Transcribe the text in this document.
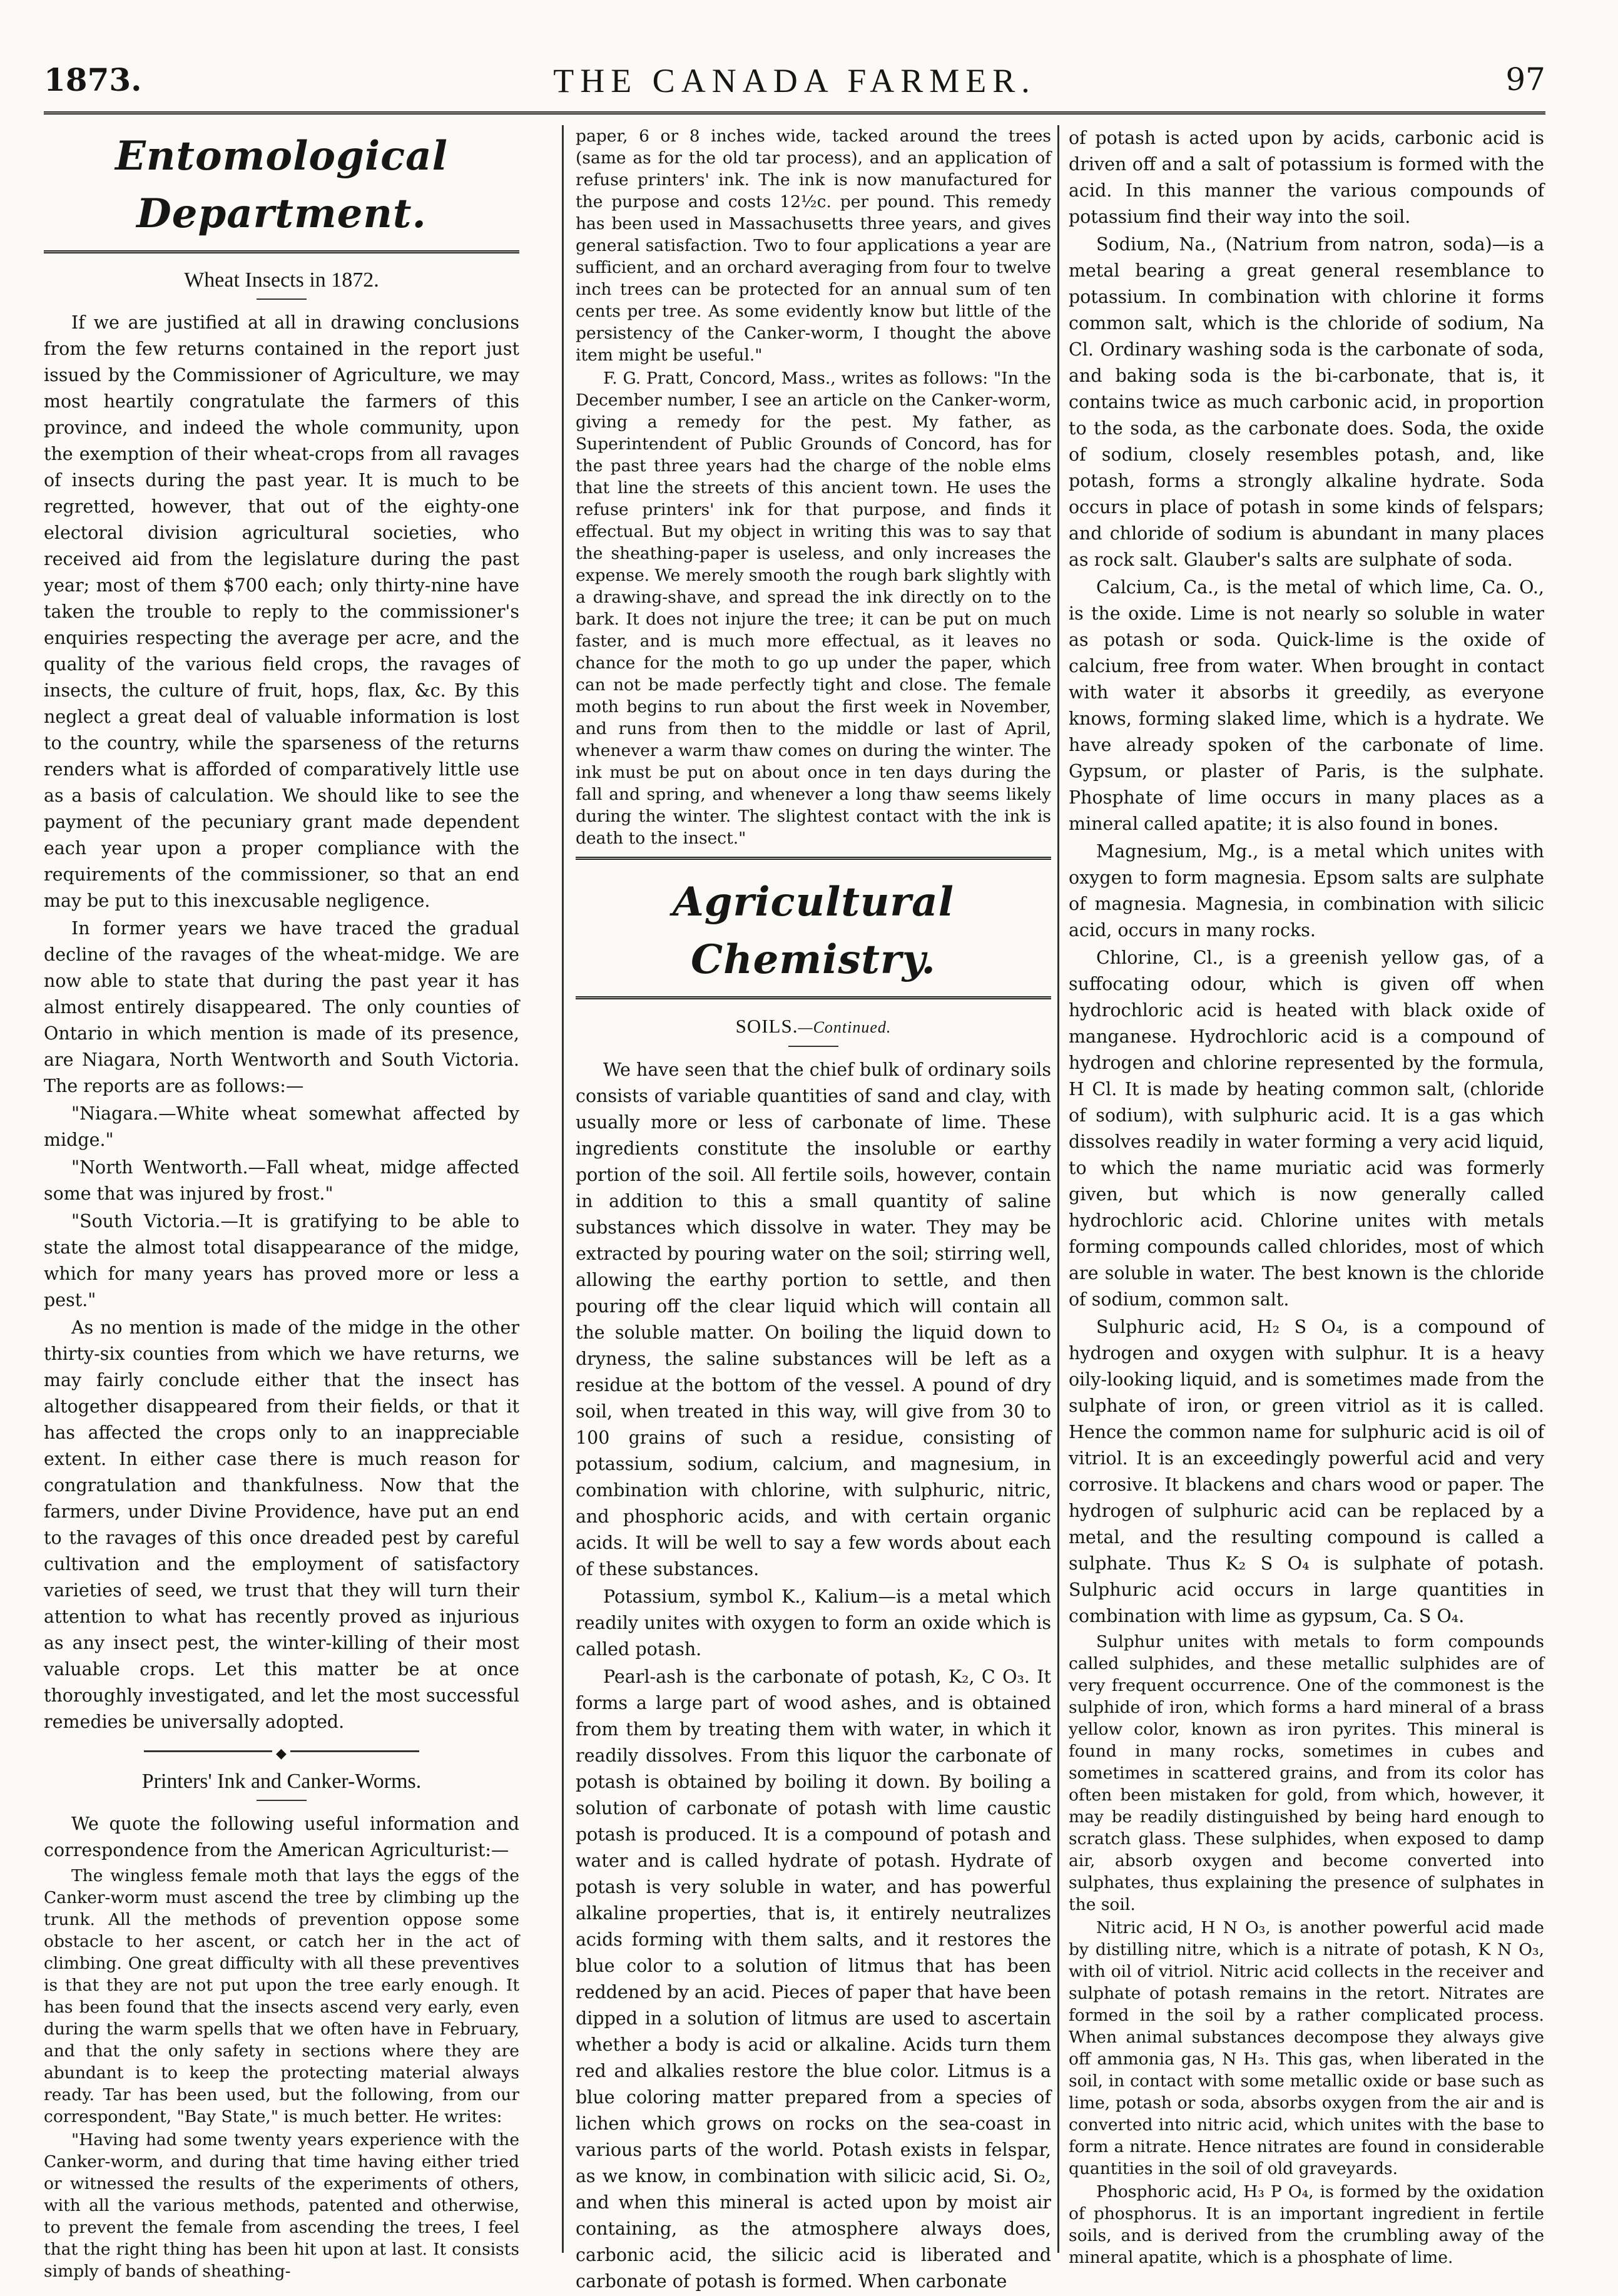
1873.	THE CANADA FARMER.	97
Entomological Department.
Wheat Insects in 1872.

If we are justified at all in drawing conclusions from the few returns contained in the report just issued by the Commissioner of Agriculture, we may most heartily congratulate the farmers of this province, and indeed the whole community, upon the exemption of their wheat-crops from all ravages of insects during the past year. It is much to be regretted, however, that out of the eighty-one electoral division agricultural societies, who received aid from the legislature during the past year; most of them $700 each; only thirty-nine have taken the trouble to reply to the commissioner's enquiries respecting the average per acre, and the quality of the various field crops, the ravages of insects, the culture of fruit, hops, flax, &c. By this neglect a great deal of valuable information is lost to the country, while the sparseness of the returns renders what is afforded of comparatively little use as a basis of calculation. We should like to see the payment of the pecuniary grant made dependent each year upon a proper compliance with the requirements of the commissioner, so that an end may be put to this inexcusable negligence.

In former years we have traced the gradual decline of the ravages of the wheat-midge. We are now able to state that during the past year it has almost entirely disappeared. The only counties of Ontario in which mention is made of its presence, are Niagara, North Wentworth and South Victoria. The reports are as follows:—

"Niagara.—White wheat somewhat affected by midge."

"North Wentworth.—Fall wheat, midge affected some that was injured by frost."

"South Victoria.—It is gratifying to be able to state the almost total disappearance of the midge, which for many years has proved more or less a pest."

As no mention is made of the midge in the other thirty-six counties from which we have returns, we may fairly conclude either that the insect has altogether disappeared from their fields, or that it has affected the crops only to an inappreciable extent. In either case there is much reason for congratulation and thankfulness. Now that the farmers, under Divine Providence, have put an end to the ravages of this once dreaded pest by careful cultivation and the employment of satisfactory varieties of seed, we trust that they will turn their attention to what has recently proved as injurious as any insect pest, the winter-killing of their most valuable crops. Let this matter be at once thoroughly investigated, and let the most successful remedies be universally adopted.

◆
Printers' Ink and Canker-Worms.

We quote the following useful information and correspondence from the American Agriculturist:—

The wingless female moth that lays the eggs of the Canker-worm must ascend the tree by climbing up the trunk. All the methods of prevention oppose some obstacle to her ascent, or catch her in the act of climbing. One great difficulty with all these preventives is that they are not put upon the tree early enough. It has been found that the insects ascend very early, even during the warm spells that we often have in February, and that the only safety in sections where they are abundant is to keep the protecting material always ready. Tar has been used, but the following, from our correspondent, "Bay State," is much better. He writes:

"Having had some twenty years experience with the Canker-worm, and during that time having either tried or witnessed the results of the experiments of others, with all the various methods, patented and otherwise, to prevent the female from ascending the trees, I feel that the right thing has been hit upon at last. It consists simply of bands of sheathing-

paper, 6 or 8 inches wide, tacked around the trees (same as for the old tar process), and an application of refuse printers' ink. The ink is now manufactured for the purpose and costs 12½c. per pound. This remedy has been used in Massachusetts three years, and gives general satisfaction. Two to four applications a year are sufficient, and an orchard averaging from four to twelve inch trees can be protected for an annual sum of ten cents per tree. As some evidently know but little of the persistency of the Canker-worm, I thought the above item might be useful."

F. G. Pratt, Concord, Mass., writes as follows: "In the December number, I see an article on the Canker-worm, giving a remedy for the pest. My father, as Superintendent of Public Grounds of Concord, has for the past three years had the charge of the noble elms that line the streets of this ancient town. He uses the refuse printers' ink for that purpose, and finds it effectual. But my object in writing this was to say that the sheathing-paper is useless, and only increases the expense. We merely smooth the rough bark slightly with a drawing-shave, and spread the ink directly on to the bark. It does not injure the tree; it can be put on much faster, and is much more effectual, as it leaves no chance for the moth to go up under the paper, which can not be made perfectly tight and close. The female moth begins to run about the first week in November, and runs from then to the middle or last of April, whenever a warm thaw comes on during the winter. The ink must be put on about once in ten days during the fall and spring, and whenever a long thaw seems likely during the winter. The slightest contact with the ink is death to the insect."

Agricultural Chemistry.
SOILS.—Continued.

We have seen that the chief bulk of ordinary soils consists of variable quantities of sand and clay, with usually more or less of carbonate of lime. These ingredients constitute the insoluble or earthy portion of the soil. All fertile soils, however, contain in addition to this a small quantity of saline substances which dissolve in water. They may be extracted by pouring water on the soil; stirring well, allowing the earthy portion to settle, and then pouring off the clear liquid which will contain all the soluble matter. On boiling the liquid down to dryness, the saline substances will be left as a residue at the bottom of the vessel. A pound of dry soil, when treated in this way, will give from 30 to 100 grains of such a residue, consisting of potassium, sodium, calcium, and magnesium, in combination with chlorine, with sulphuric, nitric, and phosphoric acids, and with certain organic acids. It will be well to say a few words about each of these substances.

Potassium, symbol K., Kalium—is a metal which readily unites with oxygen to form an oxide which is called potash.

Pearl-ash is the carbonate of potash, K₂, C O₃. It forms a large part of wood ashes, and is obtained from them by treating them with water, in which it readily dissolves. From this liquor the carbonate of potash is obtained by boiling it down. By boiling a solution of carbonate of potash with lime caustic potash is produced. It is a compound of potash and water and is called hydrate of potash. Hydrate of potash is very soluble in water, and has powerful alkaline properties, that is, it entirely neutralizes acids forming with them salts, and it restores the blue color to a solution of litmus that has been reddened by an acid. Pieces of paper that have been dipped in a solution of litmus are used to ascertain whether a body is acid or alkaline. Acids turn them red and alkalies restore the blue color. Litmus is a blue coloring matter prepared from a species of lichen which grows on rocks on the sea-coast in various parts of the world. Potash exists in felspar, as we know, in combination with silicic acid, Si. O₂, and when this mineral is acted upon by moist air containing, as the atmosphere always does, carbonic acid, the silicic acid is liberated and carbonate of potash is formed. When carbonate

of potash is acted upon by acids, carbonic acid is driven off and a salt of potassium is formed with the acid. In this manner the various compounds of potassium find their way into the soil.

Sodium, Na., (Natrium from natron, soda)—is a metal bearing a great general resemblance to potassium. In combination with chlorine it forms common salt, which is the chloride of sodium, Na Cl. Ordinary washing soda is the carbonate of soda, and baking soda is the bi-carbonate, that is, it contains twice as much carbonic acid, in proportion to the soda, as the carbonate does. Soda, the oxide of sodium, closely resembles potash, and, like potash, forms a strongly alkaline hydrate. Soda occurs in place of potash in some kinds of felspars; and chloride of sodium is abundant in many places as rock salt. Glauber's salts are sulphate of soda.

Calcium, Ca., is the metal of which lime, Ca. O., is the oxide. Lime is not nearly so soluble in water as potash or soda. Quick-lime is the oxide of calcium, free from water. When brought in contact with water it absorbs it greedily, as everyone knows, forming slaked lime, which is a hydrate. We have already spoken of the carbonate of lime. Gypsum, or plaster of Paris, is the sulphate. Phosphate of lime occurs in many places as a mineral called apatite; it is also found in bones.

Magnesium, Mg., is a metal which unites with oxygen to form magnesia. Epsom salts are sulphate of magnesia. Magnesia, in combination with silicic acid, occurs in many rocks.

Chlorine, Cl., is a greenish yellow gas, of a suffocating odour, which is given off when hydrochloric acid is heated with black oxide of manganese. Hydrochloric acid is a compound of hydrogen and chlorine represented by the formula, H Cl. It is made by heating common salt, (chloride of sodium), with sulphuric acid. It is a gas which dissolves readily in water forming a very acid liquid, to which the name muriatic acid was formerly given, but which is now generally called hydrochloric acid. Chlorine unites with metals forming compounds called chlorides, most of which are soluble in water. The best known is the chloride of sodium, common salt.

Sulphuric acid, H₂ S O₄, is a compound of hydrogen and oxygen with sulphur. It is a heavy oily-looking liquid, and is sometimes made from the sulphate of iron, or green vitriol as it is called. Hence the common name for sulphuric acid is oil of vitriol. It is an exceedingly powerful acid and very corrosive. It blackens and chars wood or paper. The hydrogen of sulphuric acid can be replaced by a metal, and the resulting compound is called a sulphate. Thus K₂ S O₄ is sulphate of potash. Sulphuric acid occurs in large quantities in combination with lime as gypsum, Ca. S O₄.

Sulphur unites with metals to form compounds called sulphides, and these metallic sulphides are of very frequent occurrence. One of the commonest is the sulphide of iron, which forms a hard mineral of a brass yellow color, known as iron pyrites. This mineral is found in many rocks, sometimes in cubes and sometimes in scattered grains, and from its color has often been mistaken for gold, from which, however, it may be readily distinguished by being hard enough to scratch glass. These sulphides, when exposed to damp air, absorb oxygen and become converted into sulphates, thus explaining the presence of sulphates in the soil.

Nitric acid, H N O₃, is another powerful acid made by distilling nitre, which is a nitrate of potash, K N O₃, with oil of vitriol. Nitric acid collects in the receiver and sulphate of potash remains in the retort. Nitrates are formed in the soil by a rather complicated process. When animal substances decompose they always give off ammonia gas, N H₃. This gas, when liberated in the soil, in contact with some metallic oxide or base such as lime, potash or soda, absorbs oxygen from the air and is converted into nitric acid, which unites with the base to form a nitrate. Hence nitrates are found in considerable quantities in the soil of old graveyards.

Phosphoric acid, H₃ P O₄, is formed by the oxidation of phosphorus. It is an important ingredient in fertile soils, and is derived from the crumbling away of the mineral apatite, which is a phosphate of lime.
